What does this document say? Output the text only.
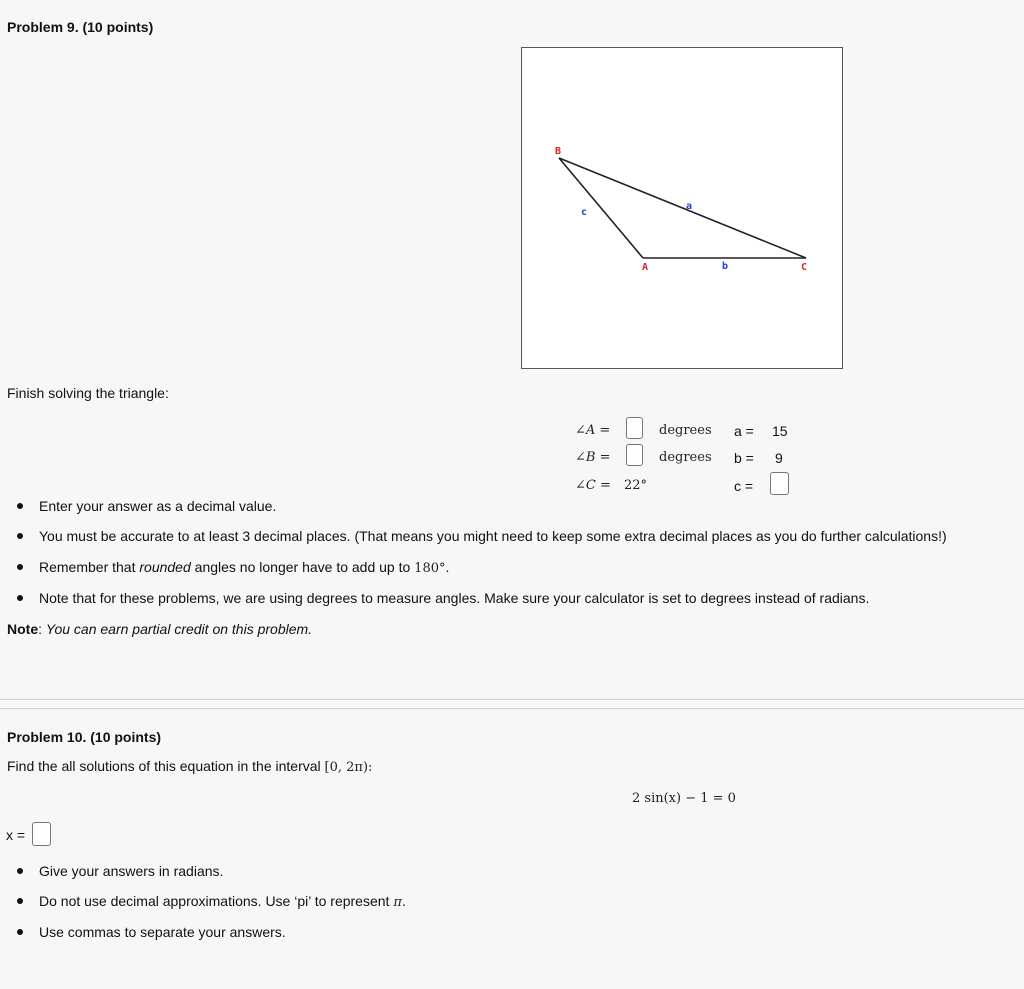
Problem 9. (10 points)
B
A	C
a
b
c
Finish solving the triangle:
∠A =	degrees a = 15
∠B =	degrees b = 9
∠C = 22°	c =
Enter your answer as a decimal value.
You must be accurate to at least 3 decimal places. (That means you might need to keep some extra decimal places as you do further calculations!)
Remember that rounded angles no longer have to add up to 180°.
Note that for these problems, we are using degrees to measure angles. Make sure your calculator is set to degrees instead of radians.
Note: You can earn partial credit on this problem.
Problem 10. (10 points)
Find the all solutions of this equation in the interval [0, 2π):
2 sin(x) − 1 = 0
x =
Give your answers in radians.
Do not use decimal approximations. Use ‘pi’ to represent π.
Use commas to separate your answers.
